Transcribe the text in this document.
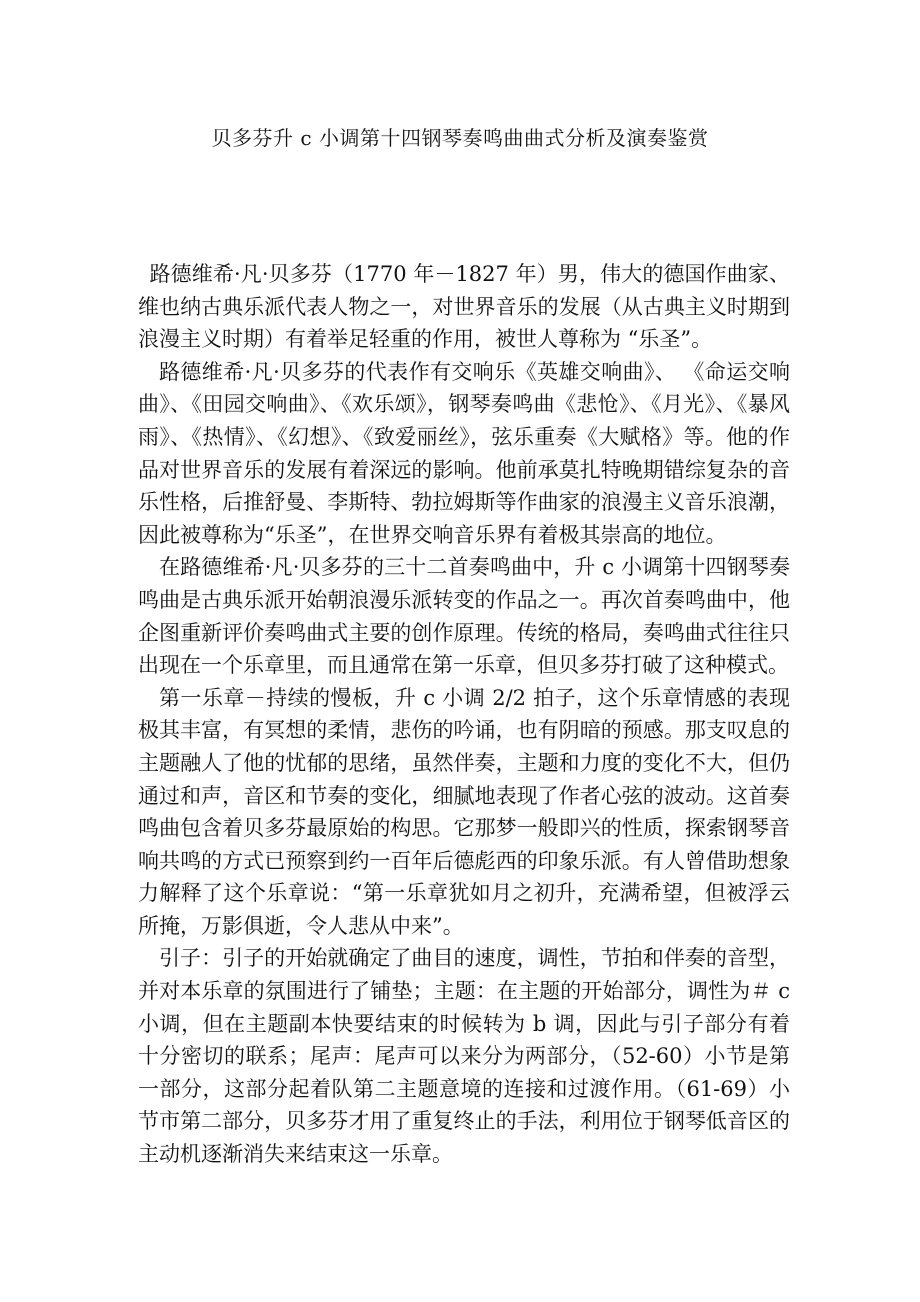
贝多芬升 c 小调第十四钢琴奏鸣曲曲式分析及演奏鉴赏

路德维希·凡·贝多芬（1770 年－1827 年）男，伟大的德国作曲家、维也纳古典乐派代表人物之一，对世界音乐的发展（从古典主义时期到浪漫主义时期）有着举足轻重的作用，被世人尊称为 “乐圣”。

路德维希·凡·贝多芬的代表作有交响乐《英雄交响曲》、 《命运交响曲》、《田园交响曲》、《欢乐颂》，钢琴奏鸣曲《悲怆》、《月光》、《暴风雨》、《热情》、《幻想》、《致爱丽丝》，弦乐重奏《大赋格》等。他的作品对世界音乐的发展有着深远的影响。他前承莫扎特晚期错综复杂的音乐性格，后推舒曼、李斯特、勃拉姆斯等作曲家的浪漫主义音乐浪潮，因此被尊称为“乐圣”，在世界交响音乐界有着极其崇高的地位。

在路德维希·凡·贝多芬的三十二首奏鸣曲中，升 c 小调第十四钢琴奏鸣曲是古典乐派开始朝浪漫乐派转变的作品之一。再次首奏鸣曲中，他企图重新评价奏鸣曲式主要的创作原理。传统的格局，奏鸣曲式往往只出现在一个乐章里，而且通常在第一乐章，但贝多芬打破了这种模式。

第一乐章－持续的慢板，升 c 小调 2/2 拍子，这个乐章情感的表现极其丰富，有冥想的柔情，悲伤的吟诵，也有阴暗的预感。那支叹息的主题融人了他的忧郁的思绪，虽然伴奏，主题和力度的变化不大，但仍通过和声，音区和节奏的变化，细腻地表现了作者心弦的波动。这首奏鸣曲包含着贝多芬最原始的构思。它那梦一般即兴的性质，探索钢琴音响共鸣的方式已预察到约一百年后德彪西的印象乐派。有人曾借助想象力解释了这个乐章说：“第一乐章犹如月之初升，充满希望，但被浮云所掩，万影俱逝，令人悲从中来”。

引子：引子的开始就确定了曲目的速度，调性，节拍和伴奏的音型，并对本乐章的氛围进行了铺垫；主题：在主题的开始部分，调性为＃ c 小调，但在主题副本快要结束的时候转为 b 调，因此与引子部分有着十分密切的联系；尾声：尾声可以来分为两部分，（52-60）小节是第一部分，这部分起着队第二主题意境的连接和过渡作用。（61-69）小节市第二部分，贝多芬才用了重复终止的手法，利用位于钢琴低音区的主动机逐渐消失来结束这一乐章。
